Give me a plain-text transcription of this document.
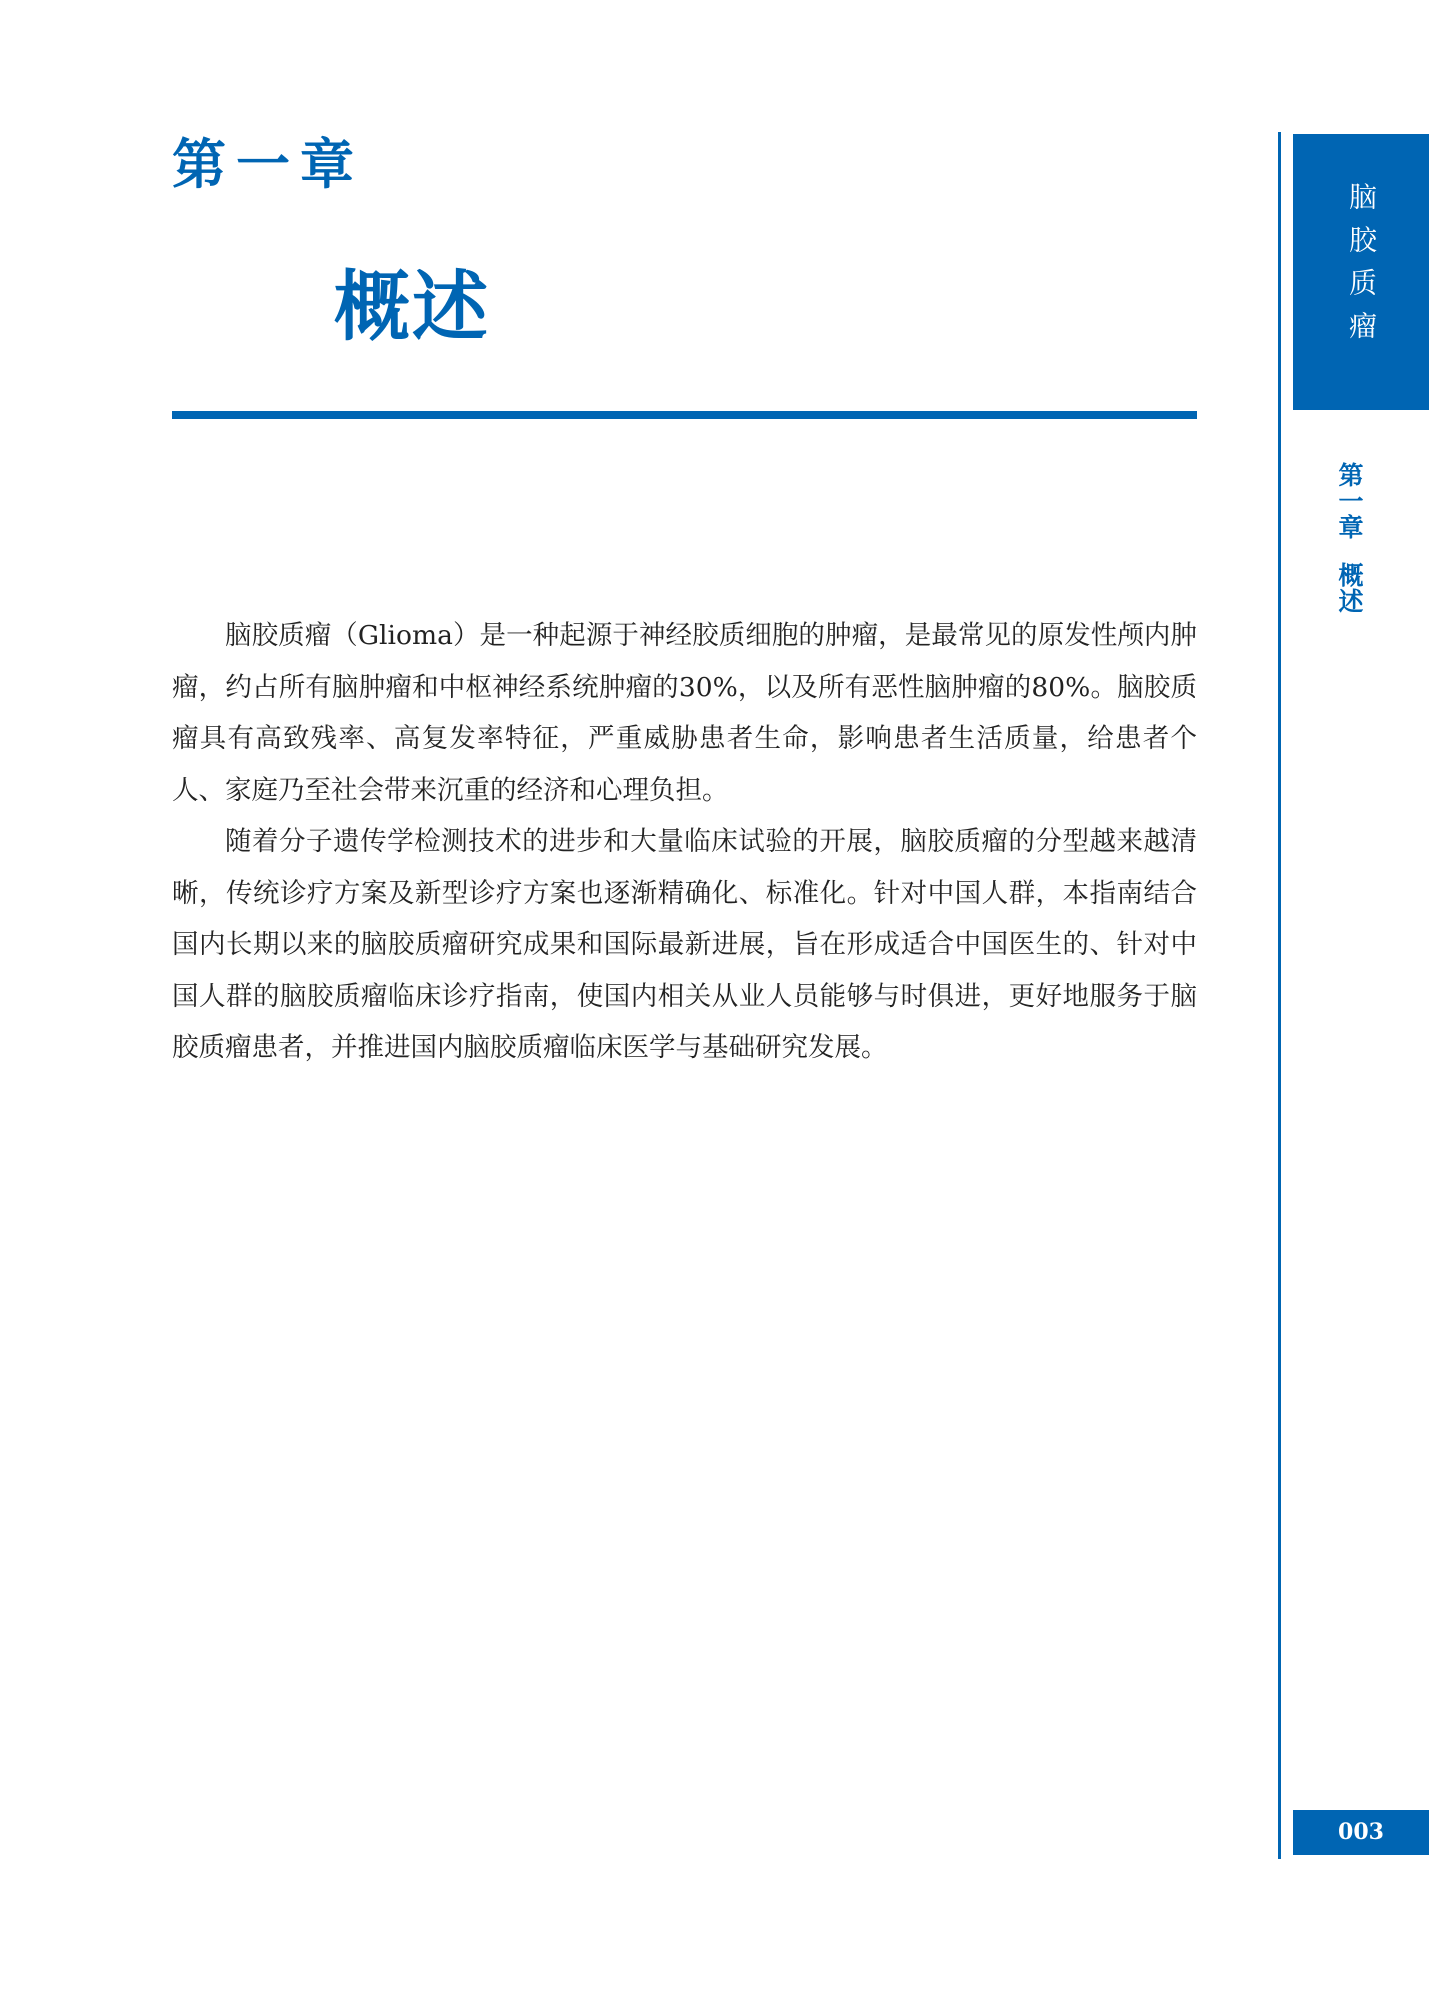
第一章
概述

脑胶质瘤（Glioma）是一种起源于神经胶质细胞的肿瘤，是最常见的原发性颅内肿瘤，约占所有脑肿瘤和中枢神经系统肿瘤的30%，以及所有恶性脑肿瘤的80%。脑胶质瘤具有高致残率、高复发率特征，严重威胁患者生命，影响患者生活质量，给患者个人、家庭乃至社会带来沉重的经济和心理负担。

随着分子遗传学检测技术的进步和大量临床试验的开展，脑胶质瘤的分型越来越清晰，传统诊疗方案及新型诊疗方案也逐渐精确化、标准化。针对中国人群，本指南结合国内长期以来的脑胶质瘤研究成果和国际最新进展，旨在形成适合中国医生的、针对中国人群的脑胶质瘤临床诊疗指南，使国内相关从业人员能够与时俱进，更好地服务于脑胶质瘤患者，并推进国内脑胶质瘤临床医学与基础研究发展。

脑胶质瘤
第一章概述
003
